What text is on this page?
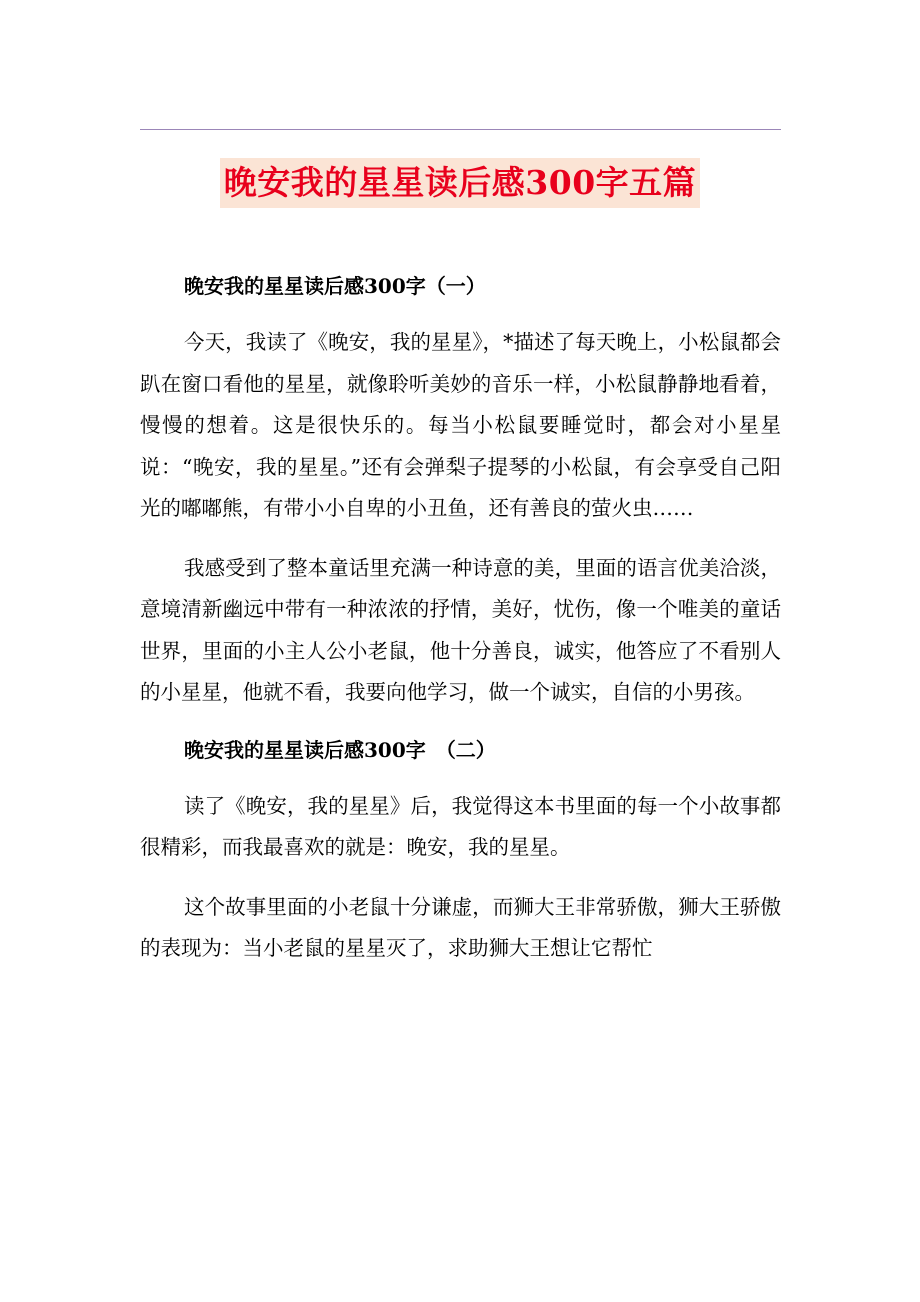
晚安我的星星读后感300字五篇
晚安我的星星读后感300字（一）

今天，我读了《晚安，我的星星》，*描述了每天晚上，小松鼠都会趴在窗口看他的星星，就像聆听美妙的音乐一样，小松鼠静静地看着，慢慢的想着。这是很快乐的。每当小松鼠要睡觉时，都会对小星星说：“晚安，我的星星。”还有会弹梨子提琴的小松鼠，有会享受自己阳光的嘟嘟熊，有带小小自卑的小丑鱼，还有善良的萤火虫……

我感受到了整本童话里充满一种诗意的美，里面的语言优美洽淡，意境清新幽远中带有一种浓浓的抒情，美好，忧伤，像一个唯美的童话世界，里面的小主人公小老鼠，他十分善良，诚实，他答应了不看别人的小星星，他就不看，我要向他学习，做一个诚实，自信的小男孩。

晚安我的星星读后感300字　（二）

读了《晚安，我的星星》后，我觉得这本书里面的每一个小故事都很精彩，而我最喜欢的就是：晚安，我的星星。

这个故事里面的小老鼠十分谦虚，而狮大王非常骄傲，狮大王骄傲的表现为：当小老鼠的星星灭了，求助狮大王想让它帮忙
